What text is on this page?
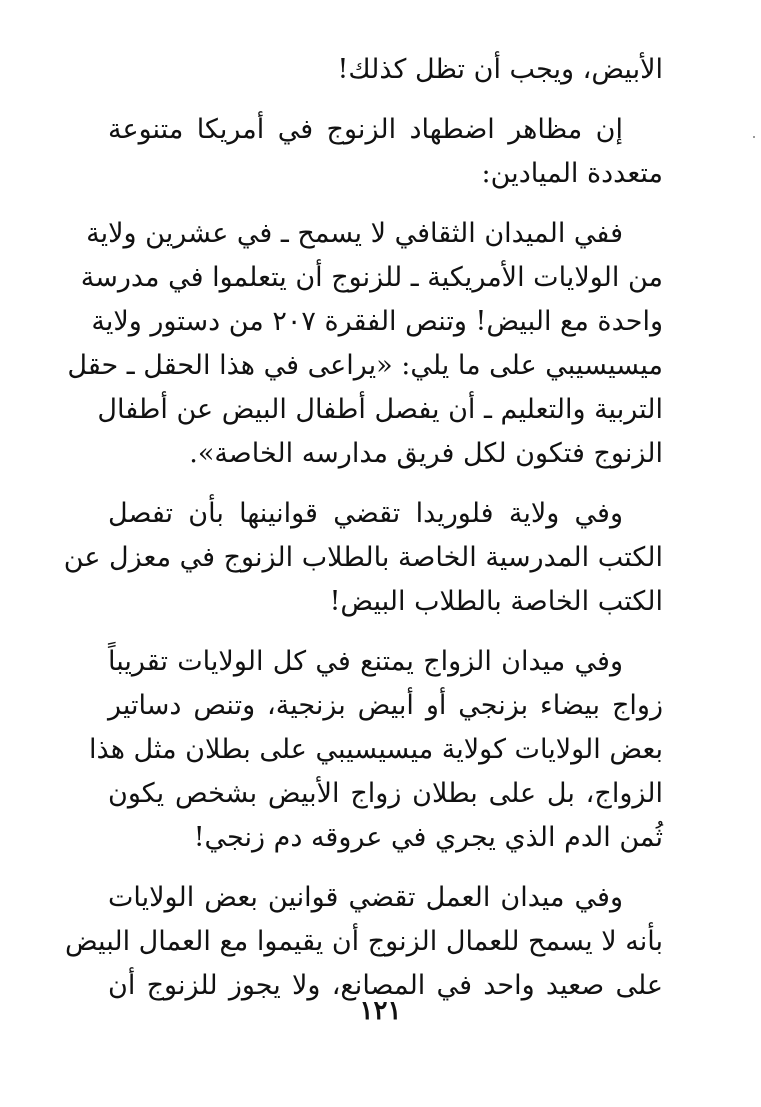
الأبيض، ويجب أن تظل كذلك!
إن مظاهر اضطهاد الزنوج في أمريكا متنوعة
متعددة الميادين:
ففي الميدان الثقافي لا يسمح ـ في عشرين ولاية
من الولايات الأمريكية ـ للزنوج أن يتعلموا في مدرسة
واحدة مع البيض! وتنص الفقرة ٢٠٧ من دستور ولاية
ميسيسيبي على ما يلي: «يراعى في هذا الحقل ـ حقل
التربية والتعليم ـ أن يفصل أطفال البيض عن أطفال
الزنوج فتكون لكل فريق مدارسه الخاصة».
وفي ولاية فلوريدا تقضي قوانينها بأن تفصل
الكتب المدرسية الخاصة بالطلاب الزنوج في معزل عن
الكتب الخاصة بالطلاب البيض!
وفي ميدان الزواج يمتنع في كل الولايات تقريباً
زواج بيضاء بزنجي أو أبيض بزنجية، وتنص دساتير
بعض الولايات كولاية ميسيسيبي على بطلان مثل هذا
الزواج، بل على بطلان زواج الأبيض بشخص يكون
ثُمن الدم الذي يجري في عروقه دم زنجي!
وفي ميدان العمل تقضي قوانين بعض الولايات
بأنه لا يسمح للعمال الزنوج أن يقيموا مع العمال البيض
على صعيد واحد في المصانع، ولا يجوز للزنوج أن
١٢١
